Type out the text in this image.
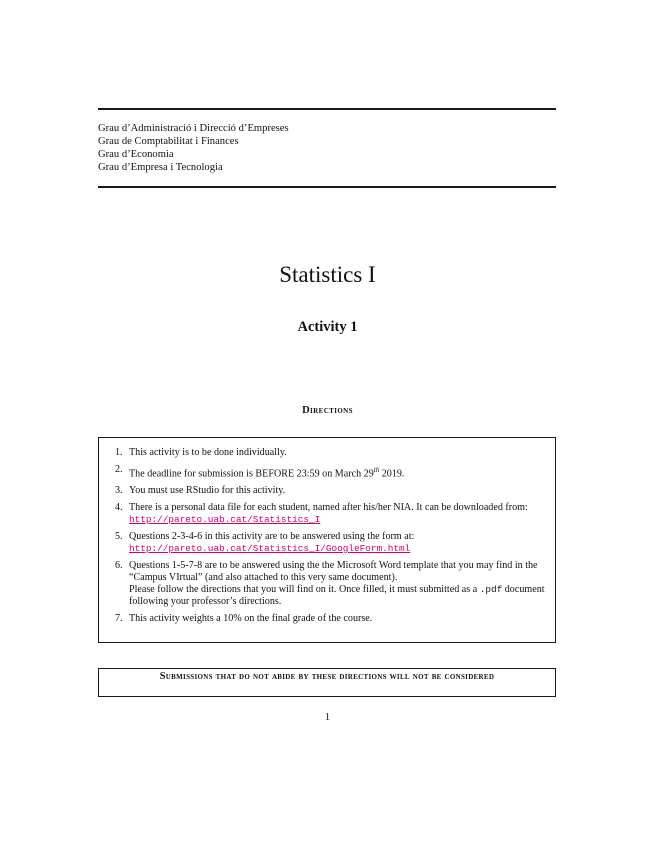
Grau d’Administració i Direcció d’Empreses
Grau de Comptabilitat i Finances
Grau d’Economia
Grau d’Empresa i Tecnologia
Statistics I
Activity 1
Directions
1. This activity is to be done individually.
2. The deadline for submission is BEFORE 23:59 on March 29th 2019.
3. You must use RStudio for this activity.
4. There is a personal data file for each student, named after his/her NIA. It can be downloaded from:
http://pareto.uab.cat/Statistics_I
5. Questions 2-3-4-6 in this activity are to be answered using the form at:
http://pareto.uab.cat/Statistics_I/GoogleForm.html
6. Questions 1-5-7-8 are to be answered using the the Microsoft Word template that you may find in the “Campus VIrtual” (and also attached to this very same document).
Please follow the directions that you will find on it. Once filled, it must submitted as a .pdf document following your professor’s directions.
7. This activity weights a 10% on the final grade of the course.
Submissions that do not abide by these directions will not be considered
1
